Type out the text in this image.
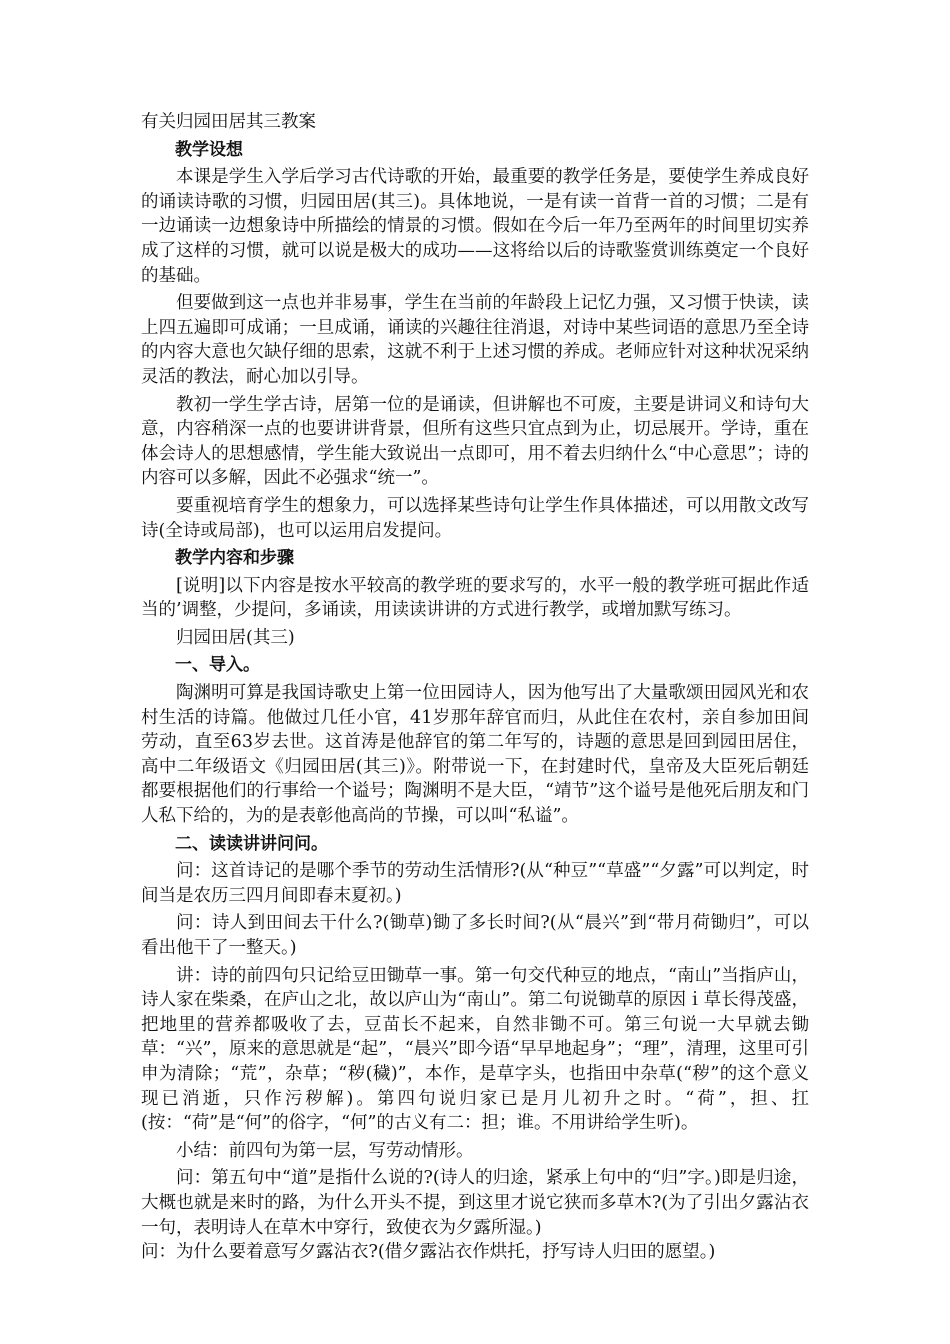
有关归园田居其三教案

教学设想

本课是学生入学后学习古代诗歌的开始，最重要的教学任务是，要使学生养成良好的诵读诗歌的习惯，归园田居(其三)。具体地说，一是有读一首背一首的习惯；二是有一边诵读一边想象诗中所描绘的情景的习惯。假如在今后一年乃至两年的时间里切实养成了这样的习惯，就可以说是极大的成功——这将给以后的诗歌鉴赏训练奠定一个良好的基础。

但要做到这一点也并非易事，学生在当前的年龄段上记忆力强，又习惯于快读，读上四五遍即可成诵；一旦成诵，诵读的兴趣往往消退，对诗中某些词语的意思乃至全诗的内容大意也欠缺仔细的思索，这就不利于上述习惯的养成。老师应针对这种状况采纳灵活的教法，耐心加以引导。

教初一学生学古诗，居第一位的是诵读，但讲解也不可废，主要是讲词义和诗句大意，内容稍深一点的也要讲讲背景，但所有这些只宜点到为止，切忌展开。学诗，重在体会诗人的思想感情，学生能大致说出一点即可，用不着去归纳什么“中心意思”；诗的内容可以多解，因此不必强求“统一”。

要重视培育学生的想象力，可以选择某些诗句让学生作具体描述，可以用散文改写诗(全诗或局部)，也可以运用启发提问。

教学内容和步骤

[说明]以下内容是按水平较高的教学班的要求写的，水平一般的教学班可据此作适当的’调整，少提问，多诵读，用读读讲讲的方式进行教学，或增加默写练习。

归园田居(其三)

一、导入。

陶渊明可算是我国诗歌史上第一位田园诗人，因为他写出了大量歌颂田园风光和农村生活的诗篇。他做过几任小官，41岁那年辞官而归，从此住在农村，亲自参加田间劳动，直至63岁去世。这首涛是他辞官的第二年写的，诗题的意思是回到园田居住，高中二年级语文《归园田居(其三)》。附带说一下，在封建时代，皇帝及大臣死后朝廷都要根据他们的行事给一个谥号；陶渊明不是大臣，“靖节”这个谥号是他死后朋友和门人私下给的，为的是表彰他高尚的节操，可以叫“私谥”。

二、读读讲讲问问。

问：这首诗记的是哪个季节的劳动生活情形?(从“种豆”“草盛”“夕露”可以判定，时间当是农历三四月间即春末夏初。)

问：诗人到田间去干什么?(锄草)锄了多长时间?(从“晨兴”到“带月荷锄归”，可以看出他干了一整天。)

讲：诗的前四句只记给豆田锄草一事。第一句交代种豆的地点，“南山”当指庐山，诗人家在柴桑，在庐山之北，故以庐山为“南山”。第二句说锄草的原因ｉ草长得茂盛，把地里的营养都吸收了去，豆苗长不起来，自然非锄不可。第三句说一大早就去锄草：“兴”，原来的意思就是“起”，“晨兴”即今语“早早地起身”；“理”，清理，这里可引申为清除；“荒”，杂草；“秽(穢)”，本作，是草字头，也指田中杂草(“秽”的这个意义现已消逝，只作污秽解)。第四句说归家已是月儿初升之时。“荷”，担、扛(按：“荷”是“何”的俗字，“何”的古义有二：担；谁。不用讲给学生听)。

小结：前四句为第一层，写劳动情形。

问：第五句中“道”是指什么说的?(诗人的归途，紧承上句中的“归”字。)即是归途，大概也就是来时的路，为什么开头不提，到这里才说它狭而多草木?(为了引出夕露沾衣一句，表明诗人在草木中穿行，致使衣为夕露所湿。)

问：为什么要着意写夕露沾衣?(借夕露沾衣作烘托，抒写诗人归田的愿望。)
